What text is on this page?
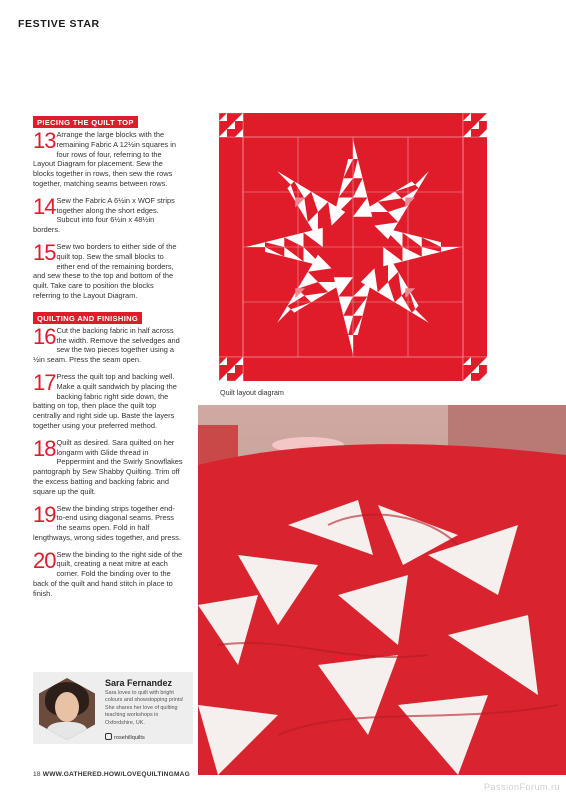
FESTIVE STAR
PIECING THE QUILT TOP
13 Arrange the large blocks with the remaining Fabric A 12½in squares in four rows of four, referring to the Layout Diagram for placement. Sew the blocks together in rows, then sew the rows together, matching seams between rows.
14 Sew the Fabric A 6½in x WOF strips together along the short edges. Subcut into four 6½in x 48½in borders.
15 Sew two borders to either side of the quilt top. Sew the small blocks to either end of the remaining borders, and sew these to the top and bottom of the quilt. Take care to position the blocks referring to the Layout Diagram.
QUILTING AND FINISHING
16 Cut the backing fabric in half across the width. Remove the selvedges and sew the two pieces together using a ½in seam. Press the seam open.
17 Press the quilt top and backing well. Make a quilt sandwich by placing the backing fabric right side down, the batting on top, then place the quilt top centrally and right side up. Baste the layers together using your preferred method.
18 Quilt as desired. Sara quilted on her longarm with Glide thread in Peppermint and the Swirly Snowflakes pantograph by Sew Shabby Quilting. Trim off the excess batting and backing fabric and square up the quilt.
19 Sew the binding strips together end-to-end using diagonal seams. Press the seams open. Fold in half lengthways, wrong sides together, and press.
20 Sew the binding to the right side of the quilt, creating a neat mitre at each corner. Fold the binding over to the back of the quilt and hand stitch in place to finish.
Sara Fernandez
Sara loves to quilt with bright colours and showstopping prints! She shares her love of quilting teaching workshops in Oxfordshire, UK.
rosehillquilts
Quilt layout diagram
18 WWW.GATHERED.HOW/LOVEQUILTINGMAG
PassionForum.ru
